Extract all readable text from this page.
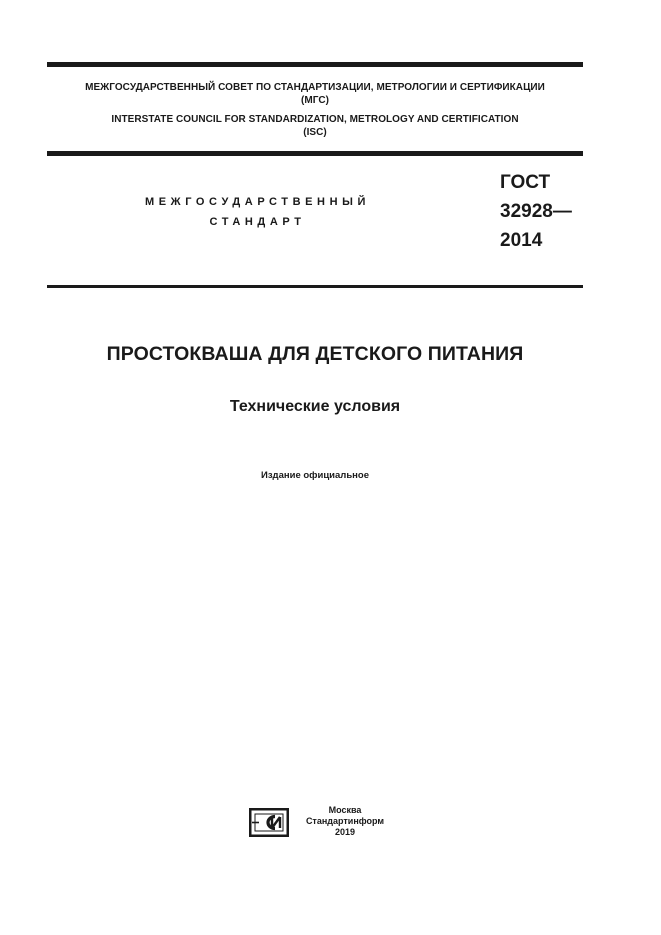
МЕЖГОСУДАРСТВЕННЫЙ СОВЕТ ПО СТАНДАРТИЗАЦИИ, МЕТРОЛОГИИ И СЕРТИФИКАЦИИ
(МГС)
INTERSTATE COUNCIL FOR STANDARDIZATION, METROLOGY AND CERTIFICATION
(ISC)
МЕЖГОСУДАРСТВЕННЫЙ
СТАНДАРТ
ГОСТ
32928—
2014
ПРОСТОКВАША ДЛЯ ДЕТСКОГО ПИТАНИЯ
Технические условия
Издание официальное
Москва
Стандартинформ
2019
